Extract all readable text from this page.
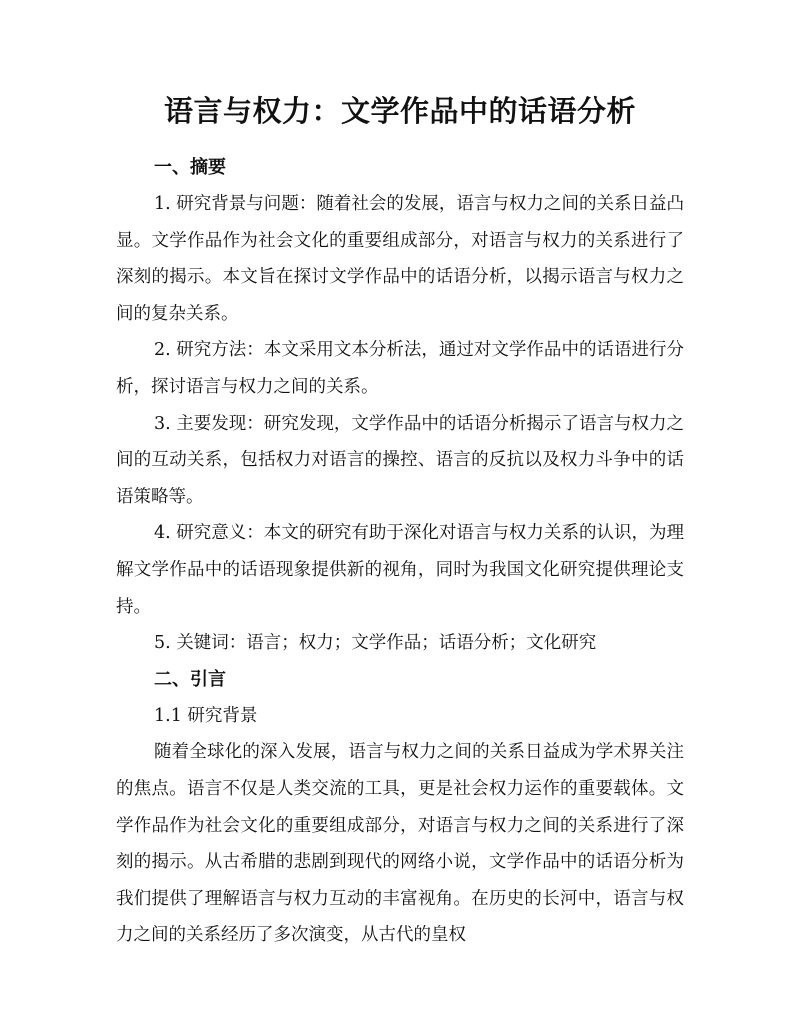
语言与权力：文学作品中的话语分析
一、摘要

1. 研究背景与问题：随着社会的发展，语言与权力之间的关系日益凸显。文学作品作为社会文化的重要组成部分，对语言与权力的关系进行了深刻的揭示。本文旨在探讨文学作品中的话语分析，以揭示语言与权力之间的复杂关系。

2. 研究方法：本文采用文本分析法，通过对文学作品中的话语进行分析，探讨语言与权力之间的关系。

3. 主要发现：研究发现，文学作品中的话语分析揭示了语言与权力之间的互动关系，包括权力对语言的操控、语言的反抗以及权力斗争中的话语策略等。

4. 研究意义：本文的研究有助于深化对语言与权力关系的认识，为理解文学作品中的话语现象提供新的视角，同时为我国文化研究提供理论支持。

5. 关键词：语言；权力；文学作品；话语分析；文化研究

二、引言

1.1 研究背景

随着全球化的深入发展，语言与权力之间的关系日益成为学术界关注的焦点。语言不仅是人类交流的工具，更是社会权力运作的重要载体。文学作品作为社会文化的重要组成部分，对语言与权力之间的关系进行了深刻的揭示。从古希腊的悲剧到现代的网络小说，文学作品中的话语分析为我们提供了理解语言与权力互动的丰富视角。在历史的长河中，语言与权力之间的关系经历了多次演变，从古代的皇权
